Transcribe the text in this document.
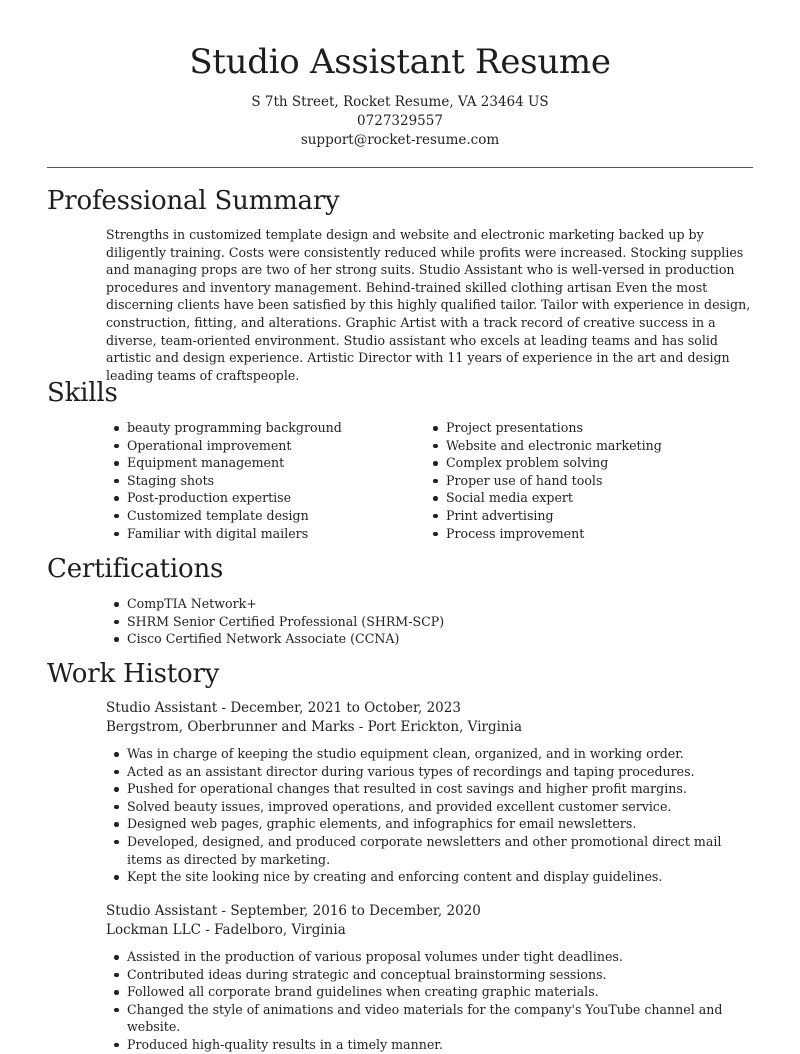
Studio Assistant Resume
S 7th Street, Rocket Resume, VA 23464 US
0727329557
support@rocket-resume.com
Professional Summary

Strengths in customized template design and website and electronic marketing backed up by diligently training. Costs were consistently reduced while profits were increased. Stocking supplies and managing props are two of her strong suits. Studio Assistant who is well-versed in production procedures and inventory management. Behind-trained skilled clothing artisan Even the most discerning clients have been satisfied by this highly qualified tailor. Tailor with experience in design, construction, fitting, and alterations. Graphic Artist with a track record of creative success in a diverse, team-oriented environment. Studio assistant who excels at leading teams and has solid artistic and design experience. Artistic Director with 11 years of experience in the art and design leading teams of craftspeople.

Skills
beauty programming background
Operational improvement
Equipment management
Staging shots
Post-production expertise
Customized template design
Familiar with digital mailers
Project presentations
Website and electronic marketing
Complex problem solving
Proper use of hand tools
Social media expert
Print advertising
Process improvement
Certifications
CompTIA Network+
SHRM Senior Certified Professional (SHRM-SCP)
Cisco Certified Network Associate (CCNA)
Work History
Studio Assistant - December, 2021 to October, 2023
Bergstrom, Oberbrunner and Marks - Port Erickton, Virginia
Was in charge of keeping the studio equipment clean, organized, and in working order.
Acted as an assistant director during various types of recordings and taping procedures.
Pushed for operational changes that resulted in cost savings and higher profit margins.
Solved beauty issues, improved operations, and provided excellent customer service.
Designed web pages, graphic elements, and infographics for email newsletters.
Developed, designed, and produced corporate newsletters and other promotional direct mail items as directed by marketing.
Kept the site looking nice by creating and enforcing content and display guidelines.
Studio Assistant - September, 2016 to December, 2020
Lockman LLC - Fadelboro, Virginia
Assisted in the production of various proposal volumes under tight deadlines.
Contributed ideas during strategic and conceptual brainstorming sessions.
Followed all corporate brand guidelines when creating graphic materials.
Changed the style of animations and video materials for the company's YouTube channel and website.
Produced high-quality results in a timely manner.
